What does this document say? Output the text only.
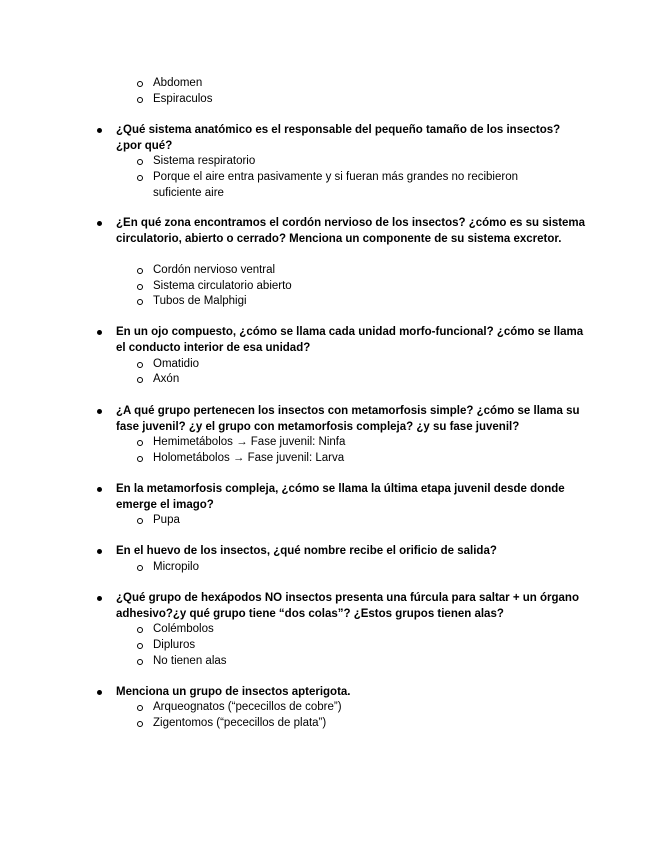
Abdomen
Espiraculos
¿Qué sistema anatómico es el responsable del pequeño tamaño de los insectos? ¿por qué?
Sistema respiratorio
Porque el aire entra pasivamente y si fueran más grandes no recibieron suficiente aire
¿En qué zona encontramos el cordón nervioso de los insectos? ¿cómo es su sistema circulatorio, abierto o cerrado? Menciona un componente de su sistema excretor.
Cordón nervioso ventral
Sistema circulatorio abierto
Tubos de Malphigi
En un ojo compuesto, ¿cómo se llama cada unidad morfo-funcional? ¿cómo se llama el conducto interior de esa unidad?
Omatidio
Axón
¿A qué grupo pertenecen los insectos con metamorfosis simple? ¿cómo se llama su fase juvenil? ¿y el grupo con metamorfosis compleja? ¿y su fase juvenil?
Hemimetábolos → Fase juvenil: Ninfa
Holometábolos → Fase juvenil: Larva
En la metamorfosis compleja, ¿cómo se llama la última etapa juvenil desde donde emerge el imago?
Pupa
En el huevo de los insectos, ¿qué nombre recibe el orificio de salida?
Micropilo
¿Qué grupo de hexápodos NO insectos presenta una fúrcula para saltar + un órgano adhesivo?¿y qué grupo tiene “dos colas”? ¿Estos grupos tienen alas?
Colémbolos
Dipluros
No tienen alas
Menciona un grupo de insectos apterigota.
Arqueognatos (“pececillos de cobre”)
Zigentomos (“pececillos de plata”)
